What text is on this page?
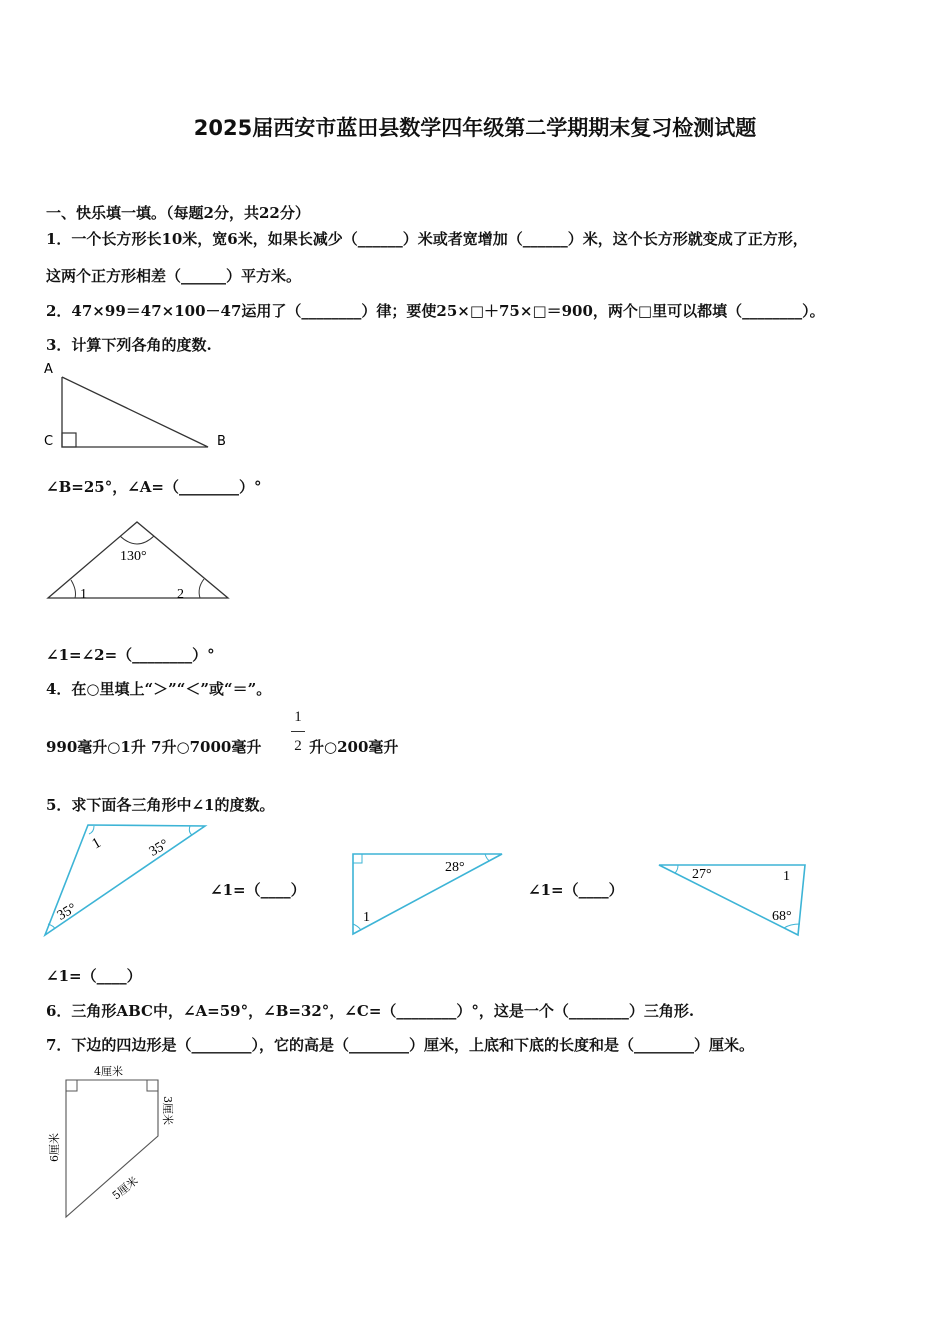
2025届西安市蓝田县数学四年级第二学期期末复习检测试题
一、快乐填一填。（每题2分，共22分）
1．一个长方形长10米，宽6米，如果长减少（______）米或者宽增加（______）米，这个长方形就变成了正方形，
这两个正方形相差（______）平方米。
2．47×99＝47×100－47运用了（________）律；要使25×□＋75×□＝900，两个□里可以都填（________）。
3．计算下列各角的度数.
A
C	B
∠B=25°，∠A=（________）°
130°
1	2
∠1=∠2=（________）°
4．在○里填上“＞”“＜”或“＝”。
990毫升○1升 7升○7000毫升
1
2 升○200毫升
5．求下面各三角形中∠1的度数。
1	35°
35°
∠1=（____）
28°
1
∠1=（____）
27°	1
68°
∠1=（____）
6．三角形ABC中，∠A=59°，∠B=32°，∠C=（________）°，这是一个（________）三角形.
7．下边的四边形是（________），它的高是（________）厘米，上底和下底的长度和是（________）厘米。
4厘米
3厘米
6厘米
5厘米
